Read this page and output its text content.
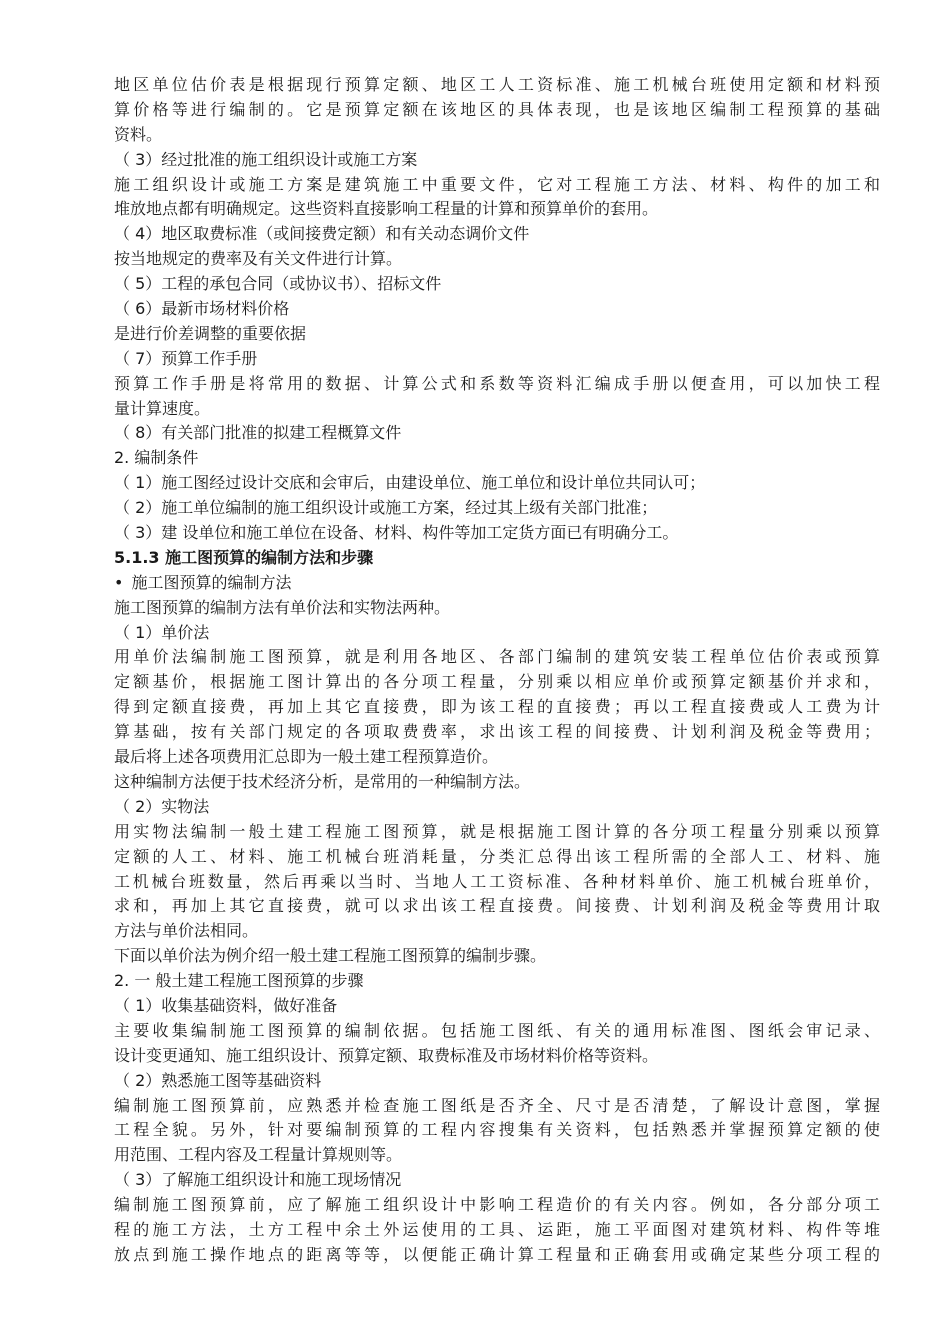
地区单位估价表是根据现行预算定额、地区工人工资标准、施工机械台班使用定额和材料预

算价格等进行编制的。它是预算定额在该地区的具体表现，也是该地区编制工程预算的基础

资料。

（ 3）经过批准的施工组织设计或施工方案

施工组织设计或施工方案是建筑施工中重要文件，它对工程施工方法、材料、构件的加工和

堆放地点都有明确规定。这些资料直接影响工程量的计算和预算单价的套用。

（ 4）地区取费标准（或间接费定额）和有关动态调价文件

按当地规定的费率及有关文件进行计算。

（ 5）工程的承包合同（或协议书）、招标文件

（ 6）最新市场材料价格

是进行价差调整的重要依据

（ 7）预算工作手册

预算工作手册是将常用的数据、计算公式和系数等资料汇编成手册以便查用，可以加快工程

量计算速度。

（ 8）有关部门批准的拟建工程概算文件

2. 编制条件

（ 1）施工图经过设计交底和会审后，由建设单位、施工单位和设计单位共同认可；

（ 2）施工单位编制的施工组织设计或施工方案，经过其上级有关部门批准；

（ 3）建 设单位和施工单位在设备、材料、构件等加工定货方面已有明确分工。

5.1.3 施工图预算的编制方法和步骤

• 施工图预算的编制方法

施工图预算的编制方法有单价法和实物法两种。

（ 1）单价法

用单价法编制施工图预算，就是利用各地区、各部门编制的建筑安装工程单位估价表或预算

定额基价，根据施工图计算出的各分项工程量，分别乘以相应单价或预算定额基价并求和，

得到定额直接费，再加上其它直接费，即为该工程的直接费；再以工程直接费或人工费为计

算基础，按有关部门规定的各项取费费率，求出该工程的间接费、计划利润及税金等费用；

最后将上述各项费用汇总即为一般土建工程预算造价。

这种编制方法便于技术经济分析，是常用的一种编制方法。

（ 2）实物法

用实物法编制一般土建工程施工图预算，就是根据施工图计算的各分项工程量分别乘以预算

定额的人工、材料、施工机械台班消耗量，分类汇总得出该工程所需的全部人工、材料、施

工机械台班数量，然后再乘以当时、当地人工工资标准、各种材料单价、施工机械台班单价，

求和，再加上其它直接费，就可以求出该工程直接费。间接费、计划利润及税金等费用计取

方法与单价法相同。

下面以单价法为例介绍一般土建工程施工图预算的编制步骤。

2. 一 般土建工程施工图预算的步骤

（ 1）收集基础资料，做好准备

主要收集编制施工图预算的编制依据。包括施工图纸、有关的通用标准图、图纸会审记录、

设计变更通知、施工组织设计、预算定额、取费标准及市场材料价格等资料。

（ 2）熟悉施工图等基础资料

编制施工图预算前，应熟悉并检查施工图纸是否齐全、尺寸是否清楚，了解设计意图，掌握

工程全貌。另外，针对要编制预算的工程内容搜集有关资料，包括熟悉并掌握预算定额的使

用范围、工程内容及工程量计算规则等。

（ 3）了解施工组织设计和施工现场情况

编制施工图预算前，应了解施工组织设计中影响工程造价的有关内容。例如，各分部分项工

程的施工方法，土方工程中余土外运使用的工具、运距，施工平面图对建筑材料、构件等堆

放点到施工操作地点的距离等等，以便能正确计算工程量和正确套用或确定某些分项工程的
